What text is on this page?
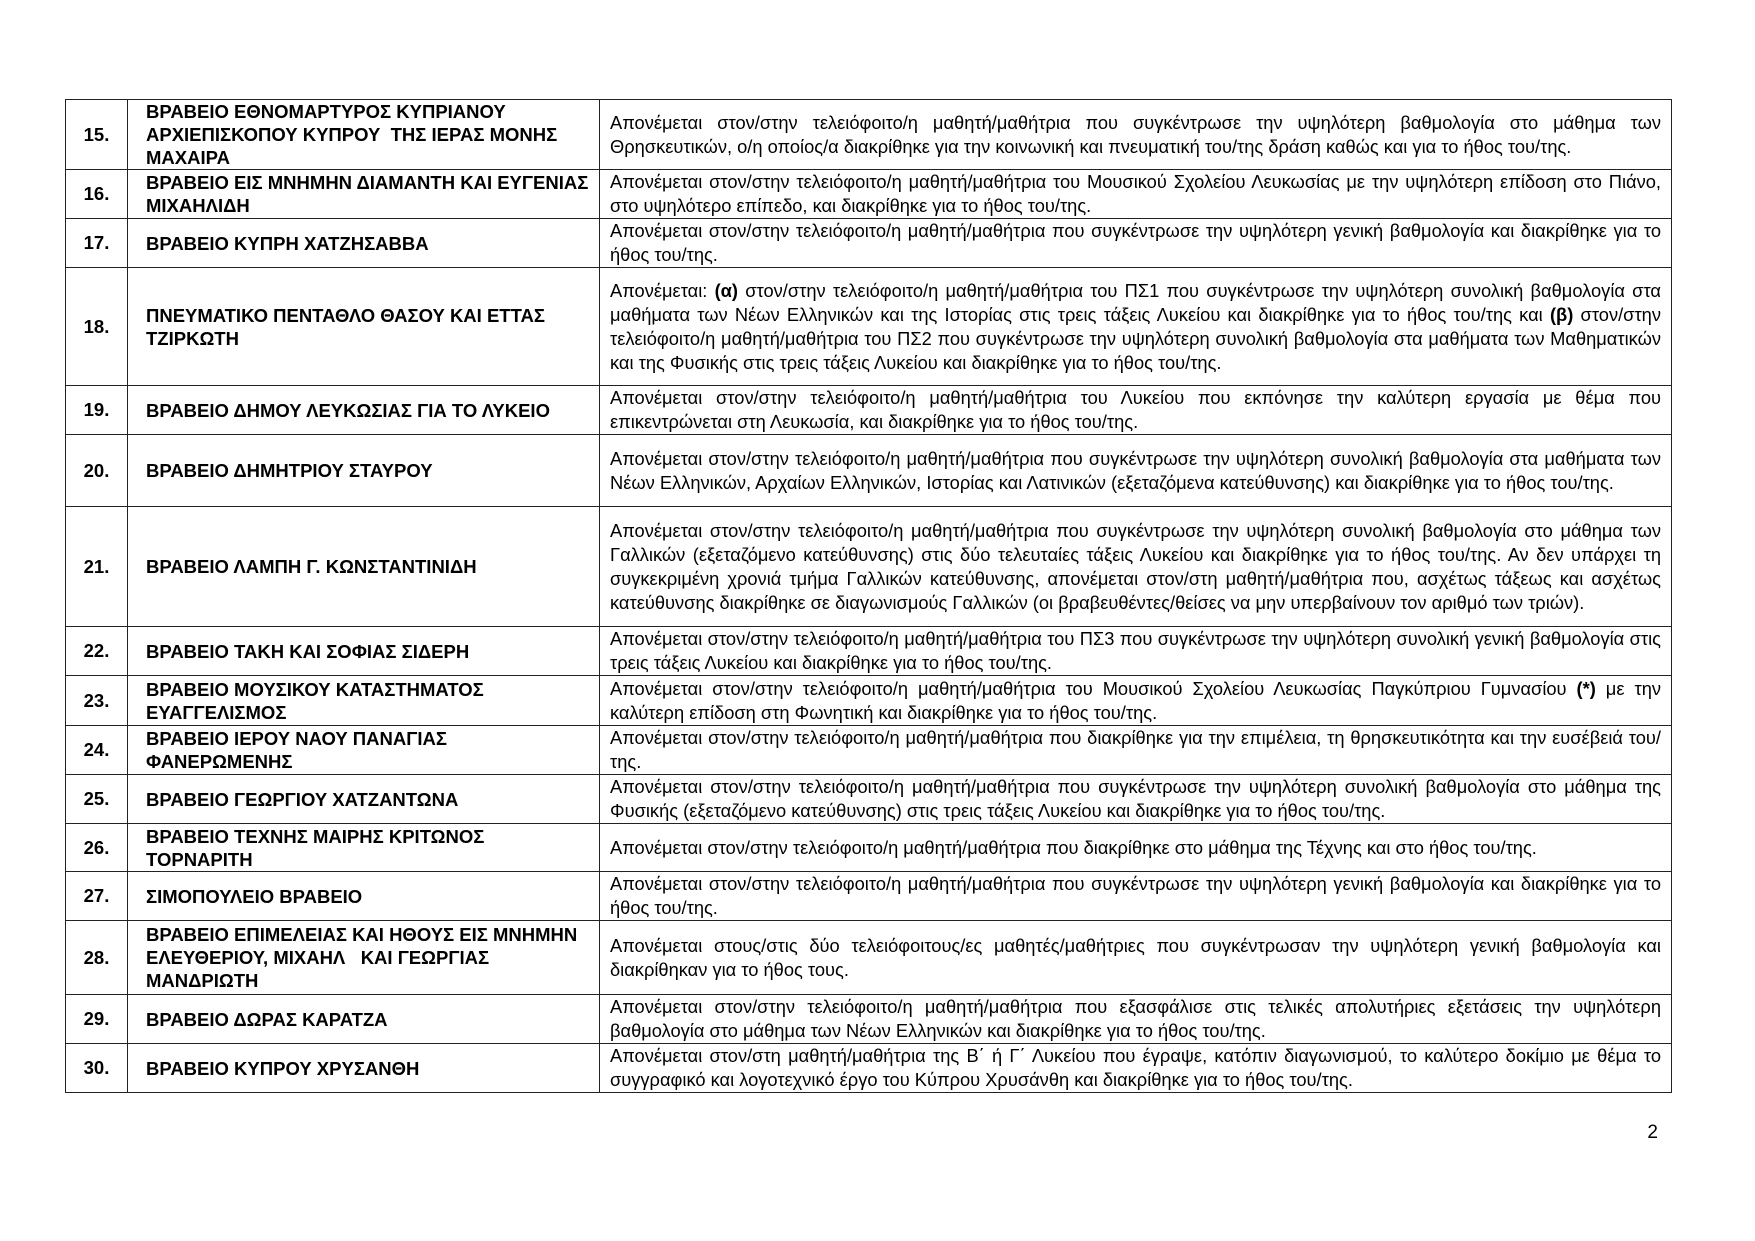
15.	ΒΡΑΒΕΙΟ ΕΘΝΟΜΑΡΤΥΡΟΣ ΚΥΠΡΙΑΝΟΥ ΑΡΧΙΕΠΙΣΚΟΠΟΥ ΚΥΠΡΟΥ  ΤΗΣ ΙΕΡΑΣ ΜΟΝΗΣ ΜΑΧΑΙΡΑ	Απονέμεται στον/στην τελειόφοιτο/η μαθητή/μαθήτρια που συγκέντρωσε την υψηλότερη βαθμολογία στο μάθημα των Θρησκευτικών, ο/η οποίος/α διακρίθηκε για την κοινωνική και πνευματική του/της δράση καθώς και για το ήθος του/της.
16.	ΒΡΑΒΕΙΟ ΕΙΣ ΜΝΗΜΗΝ ΔΙΑΜΑΝΤΗ ΚΑΙ ΕΥΓΕΝΙΑΣ ΜΙΧΑΗΛΙΔΗ	Απονέμεται στον/στην τελειόφοιτο/η μαθητή/μαθήτρια του Μουσικού Σχολείου Λευκωσίας με την υψηλότερη επίδοση στο Πιάνο, στο υψηλότερο επίπεδο, και διακρίθηκε για το ήθος του/της.
17.	ΒΡΑΒΕΙΟ ΚΥΠΡΗ ΧΑΤΖΗΣΑΒΒΑ	Απονέμεται στον/στην τελειόφοιτο/η μαθητή/μαθήτρια που συγκέντρωσε την υψηλότερη γενική βαθμολογία και διακρίθηκε για το ήθος του/της.
18.	ΠΝΕΥΜΑΤΙΚΟ ΠΕΝΤΑΘΛΟ ΘΑΣΟΥ ΚΑΙ ΕΤΤΑΣ ΤΖΙΡΚΩΤΗ	Απονέμεται: (α) στον/στην τελειόφοιτο/η μαθητή/μαθήτρια του ΠΣ1 που συγκέντρωσε την υψηλότερη συνολική βαθμολογία στα μαθήματα των Νέων Ελληνικών και της Ιστορίας στις τρεις τάξεις Λυκείου και διακρίθηκε για το ήθος του/της και (β) στον/στην τελειόφοιτο/η μαθητή/μαθήτρια του ΠΣ2 που συγκέντρωσε την υψηλότερη συνολική βαθμολογία στα μαθήματα των Μαθηματικών και της Φυσικής στις τρεις τάξεις Λυκείου και διακρίθηκε για το ήθος του/της.
19.	ΒΡΑΒΕΙΟ ΔΗΜΟΥ ΛΕΥΚΩΣΙΑΣ ΓΙΑ ΤΟ ΛΥΚΕΙΟ	Απονέμεται στον/στην τελειόφοιτο/η μαθητή/μαθήτρια του Λυκείου που εκπόνησε την καλύτερη εργασία με θέμα που επικεντρώνεται στη Λευκωσία, και διακρίθηκε για το ήθος του/της.
20.	ΒΡΑΒΕΙΟ ΔΗΜΗΤΡΙΟΥ ΣΤΑΥΡΟΥ	Απονέμεται στον/στην τελειόφοιτο/η μαθητή/μαθήτρια που συγκέντρωσε την υψηλότερη συνολική βαθμολογία στα μαθήματα των Νέων Ελληνικών, Αρχαίων Ελληνικών, Ιστορίας και Λατινικών (εξεταζόμενα κατεύθυνσης) και διακρίθηκε για το ήθος του/της.
21.	ΒΡΑΒΕΙΟ ΛΑΜΠΗ Γ. ΚΩΝΣΤΑΝΤΙΝΙΔΗ	Απονέμεται στον/στην τελειόφοιτο/η μαθητή/μαθήτρια που συγκέντρωσε την υψηλότερη συνολική βαθμολογία στο μάθημα των Γαλλικών (εξεταζόμενο κατεύθυνσης) στις δύο τελευταίες τάξεις Λυκείου και διακρίθηκε για το ήθος του/της. Αν δεν υπάρχει τη συγκεκριμένη χρονιά τμήμα Γαλλικών κατεύθυνσης, απονέμεται στον/στη μαθητή/μαθήτρια που, ασχέτως τάξεως και ασχέτως κατεύθυνσης διακρίθηκε σε διαγωνισμούς Γαλλικών (οι βραβευθέντες/θείσες να μην υπερβαίνουν τον αριθμό των τριών).
22.	ΒΡΑΒΕΙΟ ΤΑΚΗ ΚΑΙ ΣΟΦΙΑΣ ΣΙΔΕΡΗ	Απονέμεται στον/στην τελειόφοιτο/η μαθητή/μαθήτρια του ΠΣ3 που συγκέντρωσε την υψηλότερη συνολική γενική βαθμολογία στις τρεις τάξεις Λυκείου και διακρίθηκε για το ήθος του/της.
23.	ΒΡΑΒΕΙΟ ΜΟΥΣΙΚΟΥ ΚΑΤΑΣΤΗΜΑΤΟΣ ΕΥΑΓΓΕΛΙΣΜΟΣ	Απονέμεται στον/στην τελειόφοιτο/η μαθητή/μαθήτρια του Μουσικού Σχολείου Λευκωσίας Παγκύπριου Γυμνασίου (*) με την καλύτερη επίδοση στη Φωνητική και διακρίθηκε για το ήθος του/της.
24.	ΒΡΑΒΕΙΟ ΙΕΡΟΥ ΝΑΟΥ ΠΑΝΑΓΙΑΣ ΦΑΝΕΡΩΜΕΝΗΣ	Απονέμεται στον/στην τελειόφοιτο/η μαθητή/μαθήτρια που διακρίθηκε για την επιμέλεια, τη θρησκευτικότητα και την ευσέβειά του/της.
25.	ΒΡΑΒΕΙΟ ΓΕΩΡΓΙΟΥ ΧΑΤΖΑΝΤΩΝΑ	Απονέμεται στον/στην τελειόφοιτο/η μαθητή/μαθήτρια που συγκέντρωσε την υψηλότερη συνολική βαθμολογία στο μάθημα της Φυσικής (εξεταζόμενο κατεύθυνσης) στις τρεις τάξεις Λυκείου και διακρίθηκε για το ήθος του/της.
26.	ΒΡΑΒΕΙΟ ΤΕΧΝΗΣ ΜΑΙΡΗΣ ΚΡΙΤΩΝΟΣ ΤΟΡΝΑΡΙΤΗ	Απονέμεται στον/στην τελειόφοιτο/η μαθητή/μαθήτρια που διακρίθηκε στο μάθημα της Τέχνης και στο ήθος του/της.
27.	ΣΙΜΟΠΟΥΛΕΙΟ ΒΡΑΒΕΙΟ	Απονέμεται στον/στην τελειόφοιτο/η μαθητή/μαθήτρια που συγκέντρωσε την υψηλότερη γενική βαθμολογία και διακρίθηκε για το ήθος του/της.
28.	ΒΡΑΒΕΙΟ ΕΠΙΜΕΛΕΙΑΣ ΚΑΙ ΗΘΟΥΣ ΕΙΣ ΜΝΗΜΗΝ ΕΛΕΥΘΕΡΙΟΥ, ΜΙΧΑΗΛ   ΚΑΙ ΓΕΩΡΓΙΑΣ    ΜΑΝΔΡΙΩΤΗ	Απονέμεται στους/στις δύο τελειόφοιτους/ες μαθητές/μαθήτριες που συγκέντρωσαν την υψηλότερη γενική βαθμολογία και διακρίθηκαν για το ήθος τους.
29.	ΒΡΑΒΕΙΟ ΔΩΡΑΣ ΚΑΡΑΤΖΑ	Απονέμεται στον/στην τελειόφοιτο/η μαθητή/μαθήτρια που εξασφάλισε στις τελικές απολυτήριες εξετάσεις την υψηλότερη βαθμολογία στο μάθημα των Νέων Ελληνικών και διακρίθηκε για το ήθος του/της.
30.	ΒΡΑΒΕΙΟ ΚΥΠΡΟΥ ΧΡΥΣΑΝΘΗ	Απονέμεται στον/στη μαθητή/μαθήτρια της Β΄ ή Γ΄ Λυκείου που έγραψε, κατόπιν διαγωνισμού, το καλύτερο δοκίμιο με θέμα το συγγραφικό και λογοτεχνικό έργο του Κύπρου Χρυσάνθη και διακρίθηκε για το ήθος του/της.
2
